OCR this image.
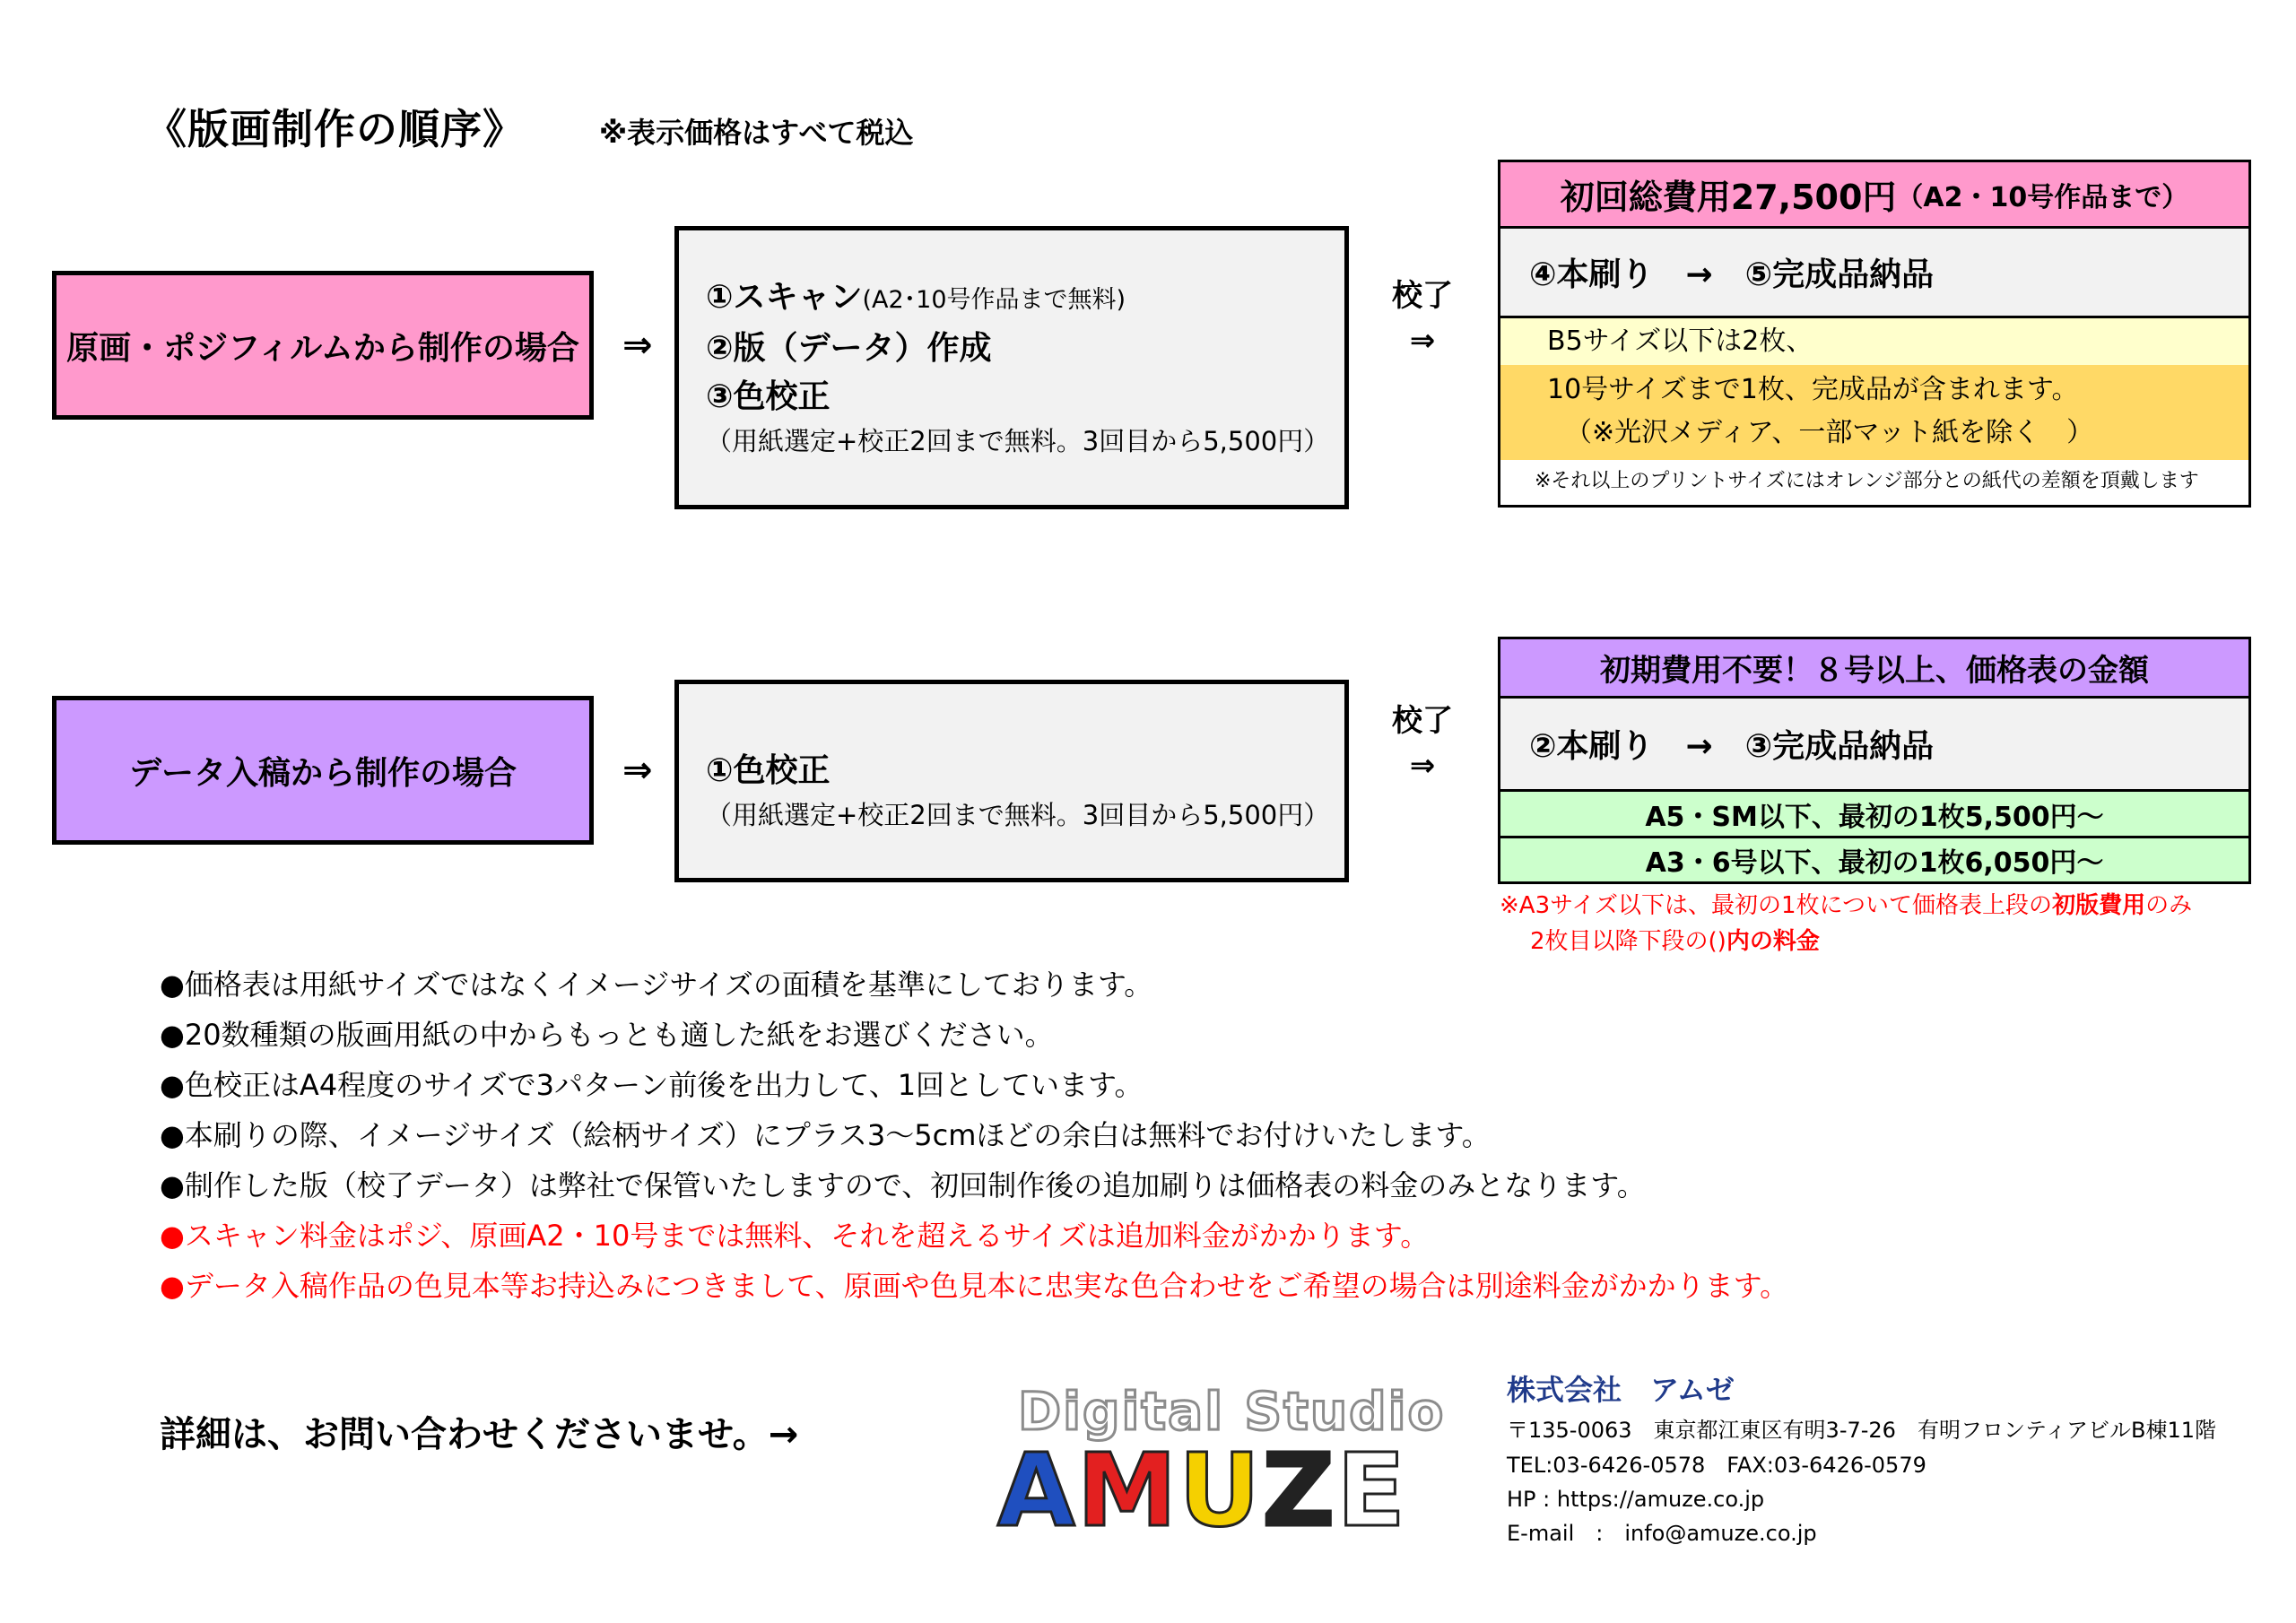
《版画制作の順序》	※表示価格はすべて税込
原画・ポジフィルムから制作の場合 ⇒
①スキャン(A2･10号作品まで無料)
②版（データ）作成
③色校正
（用紙選定+校正2回まで無料。3回目から5,500円）
校了
⇒
初回総費用27,500円 （A2・10号作品まで）
④本刷り　→　⑤完成品納品
B5サイズ以下は2枚、
10号サイズまで1枚、完成品が含まれます。
（※光沢メディア、一部マット紙を除く　）
※それ以上のプリントサイズにはオレンジ部分との紙代の差額を頂戴します
データ入稿から制作の場合	⇒ ①色校正
（用紙選定+校正2回まで無料。3回目から5,500円）
校了
⇒
初期費用不要！８号以上、価格表の金額
②本刷り　→　③完成品納品
A5・SM以下、最初の1枚5,500円～
A3・6号以下、最初の1枚6,050円～
※A3サイズ以下は、最初の1枚について価格表上段の初版費用のみ
2枚目以降下段の()内の料金
●価格表は用紙サイズではなくイメージサイズの面積を基準にしております。
●20数種類の版画用紙の中からもっとも適した紙をお選びください。
●色校正はA4程度のサイズで3パターン前後を出力して、1回としています。
●本刷りの際、イメージサイズ（絵柄サイズ）にプラス3～5cmほどの余白は無料でお付けいたします。
●制作した版（校了データ）は弊社で保管いたしますので、初回制作後の追加刷りは価格表の料金のみとなります。
●スキャン料金はポジ、原画A2・10号までは無料、それを超えるサイズは追加料金がかかります。
●データ入稿作品の色見本等お持込みにつきまして、原画や色見本に忠実な色合わせをご希望の場合は別途料金がかかります。
詳細は、お問い合わせくださいませ。→	Digital Studio
AMUZE
株式会社　アムゼ
〒135-0063　東京都江東区有明3-7-26　有明フロンティアビルB棟11階
TEL:03-6426-0578　FAX:03-6426-0579
HP : https://amuze.co.jp
E-mail　:　info@amuze.co.jp
